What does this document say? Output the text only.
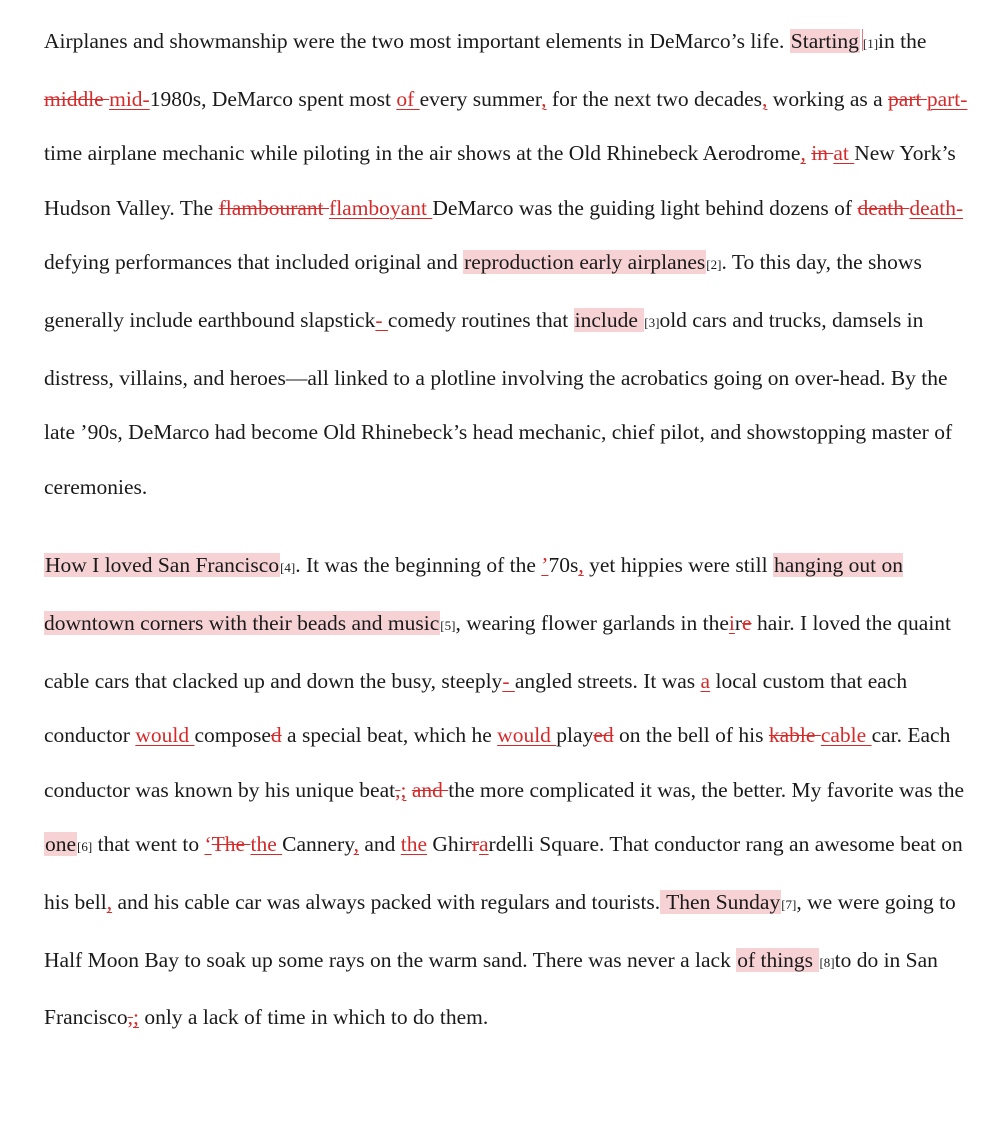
Airplanes and showmanship were the two most important elements in DeMarco’s life. Starting [1]in the middle mid-1980s, DeMarco spent most of every summer, for the next two decades, working as a part part-time airplane mechanic while piloting in the air shows at the Old Rhinebeck Aerodrome, in at New York’s Hudson Valley. The flambourant flamboyant DeMarco was the guiding light behind dozens of death death-defying performances that included original and reproduction early airplanes[2]. To this day, the shows generally include earthbound slapstick- comedy routines that include [3]old cars and trucks, damsels in distress, villains, and heroes—all linked to a plotline involving the acrobatics going on over-head. By the late ’90s, DeMarco had become Old Rhinebeck’s head mechanic, chief pilot, and showstopping master of ceremonies.

How I loved San Francisco[4]. It was the beginning of the ’70s, yet hippies were still hanging out on downtown corners with their beads and music[5], wearing flower garlands in theire hair. I loved the quaint cable cars that clacked up and down the busy, steeply- angled streets. It was a local custom that each conductor would composed a special beat, which he would played on the bell of his kable cable car. Each conductor was known by his unique beat,; and the more complicated it was, the better. My favorite was the one[6] that went to ‘The the Cannery, and the Ghirrardelli Square. That conductor rang an awesome beat on his bell, and his cable car was always packed with regulars and tourists. Then Sunday[7], we were going to Half Moon Bay to soak up some rays on the warm sand. There was never a lack of things [8]to do in San Francisco,; only a lack of time in which to do them.
